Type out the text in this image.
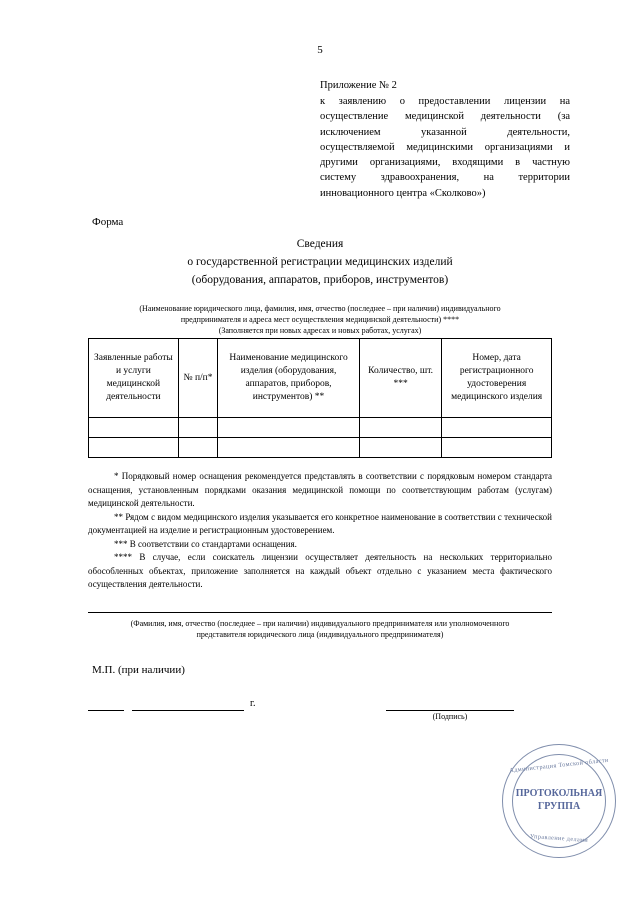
5
Приложение № 2
к заявлению о предоставлении лицензии на осуществление медицинской деятельности (за исключением указанной деятельности, осуществляемой медицинскими организациями и другими организациями, входящими в частную систему здравоохранения, на территории инновационного центра «Сколково»)
Форма
Сведения
о государственной регистрации медицинских изделий
(оборудования, аппаратов, приборов, инструментов)
(Наименование юридического лица, фамилия, имя, отчество (последнее – при наличии) индивидуального
предпринимателя и адреса мест осуществления медицинской деятельности) ****
(Заполняется при новых адресах и новых работах, услугах)
Заявленные работы и услуги медицинской деятельности	№ п/п*	Наименование медицинского изделия (оборудования, аппаратов, приборов, инструментов) **	Количество, шт. ***	Номер, дата регистрационного удостоверения медицинского изделия

* Порядковый номер оснащения рекомендуется представлять в соответствии с порядковым номером стандарта оснащения, установленным порядками оказания медицинской помощи по соответствующим работам (услугам) медицинской деятельности.

** Рядом с видом медицинского изделия указывается его конкретное наименование в соответствии с технической документацией на изделие и регистрационным удостоверением.

*** В соответствии со стандартами оснащения.

**** В случае, если соискатель лицензии осуществляет деятельность на нескольких территориально обособленных объектах, приложение заполняется на каждый объект отдельно с указанием места фактического осуществления деятельности.

(Фамилия, имя, отчество (последнее – при наличии) индивидуального предпринимателя или уполномоченного
представителя юридического лица (индивидуального предпринимателя)
М.П. (при наличии)
г.
(Подпись)
Администрация Томской области
ПРОТОКОЛЬНАЯ
ГРУППА
Управление делами
